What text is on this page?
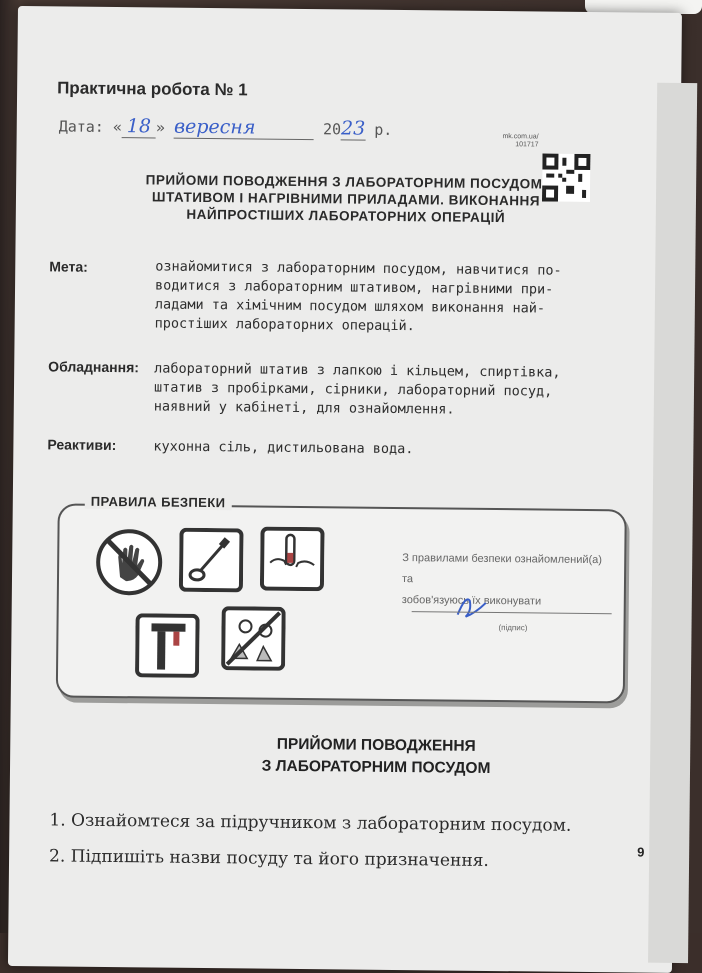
Практична робота № 1
Дата: « 18 » вересня	2023 р.	mk.com.ua/
101717
ПРИЙОМИ ПОВОДЖЕННЯ З ЛАБОРАТОРНИМ ПОСУДОМ,
ШТАТИВОМ І НАГРІВНИМИ ПРИЛАДАМИ. ВИКОНАННЯ
НАЙПРОСТІШИХ ЛАБОРАТОРНИХ ОПЕРАЦІЙ
Мета:	ознайомитися з лабораторним посудом, навчитися по-
водитися з лабораторним штативом, нагрівними при-
ладами та хімічним посудом шляхом виконання най-
простіших лабораторних операцій.
Обладнання: лабораторний штатив з лапкою і кільцем, спиртівка,
штатив з пробірками, сірники, лабораторний посуд,
наявний у кабінеті, для ознайомлення.
Реактиви:	кухонна сіль, дистильована вода.
ПРАВИЛА БЕЗПЕКИ
З правилами безпеки ознайомлений(а) та
зобов'язуюсь їх виконувати
(підпис)
ПРИЙОМИ ПОВОДЖЕННЯ
З ЛАБОРАТОРНИМ ПОСУДОМ
1. Ознайомтеся за підручником з лабораторним посудом.
2. Підпишіть назви посуду та його призначення.	9
